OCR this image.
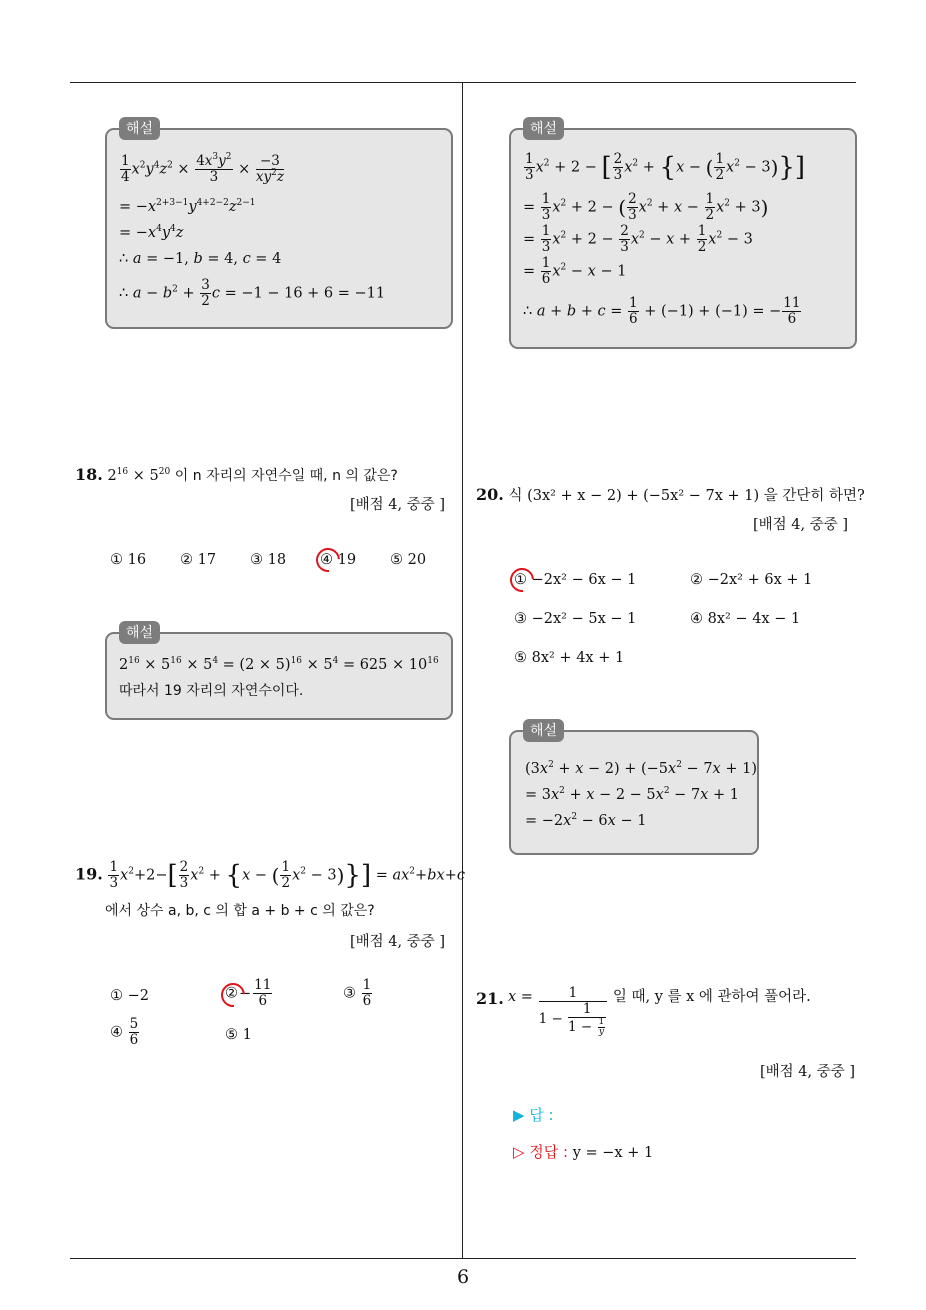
$\frac{1}{4} x^2y^4z^2 \times \frac{4x^3y^2}{3} \times \frac{-3}{xy^2z}$
= $-x^{2+3-1}y^{4+2-2}z^{2-1}$
= $-x^4y^4z$
∴ a = −1, b = 4, c = 4
∴ $a - b^2 + \frac{3}{2}$ c = −1 − 16 + 6 = −11
해설
18. $2^{16} \times 5^{20}$ 이 n 자리의 자연수일 때, n 의 값은?
[배점 4, 중중 ]
① 16 ② 17 ③ 18 ④ 19 ⑤ 20
$2^{16} \times 5^{16} \times 5^4 = (2 \times 5)^{16} \times 5^4 = 625 \times 10^{16}$
따라서 19 자리의 자연수이다.
해설
19. $\frac{1}{3} x^2+2-[ \frac{2}{3} x^2 + \{x$ − ( $\frac{1}{2} x^2 - 3)\}] = ax^2+bx+c$
에서 상수 a, b, c 의 합 a + b + c 의 값은?
[배점 4, 중중 ]
① −2	②− $\frac{11}{6}$	③ $\frac{1}{6}$
④ $\frac{5}{6}$	⑤ 1
$\frac{1}{3} x^2 + 2$ − [ $\frac{2}{3} x^2 + \{x$ − ( $\frac{1}{2} x^2 - 3$)}]
= $\frac{1}{3} x^2 + 2$ − ( $\frac{2}{3} x^2 + x - \frac{1}{2} x^2 + 3$)
= $\frac{1}{3} x^2 + 2 - \frac{2}{3} x^2 - x + \frac{1}{2} x^2 - 3$
= $\frac{1}{6} x^2 - x - 1$
∴ $a + b + c = \frac{1}{6} + (-1) + (-1)$ = − $\frac{11}{6}$
해설
20. 식 (3x² + x − 2) + (−5x² − 7x + 1) 을 간단히 하면?
[배점 4, 중중 ]
① −2x² − 6x − 1	② −2x² + 6x + 1
③ −2x² − 5x − 1	④ 8x² − 4x − 1
⑤ 8x² + 4x + 1
$(3x^2 + x - 2) + (-5x^2 - 7x + 1)$
= $3x^2 + x - 2 - 5x^2 - 7x + 1$
= $-2x^2 - 6x - 1$
해설
21. $x = \frac{1}{1 - \frac{1}{1 - \frac{1}{y}}}$ 일 때, y 를 x 에 관하여 풀어라.
[배점 4, 중중 ]
▶ 답 :
▷ 정답 : y = −x + 1
6
